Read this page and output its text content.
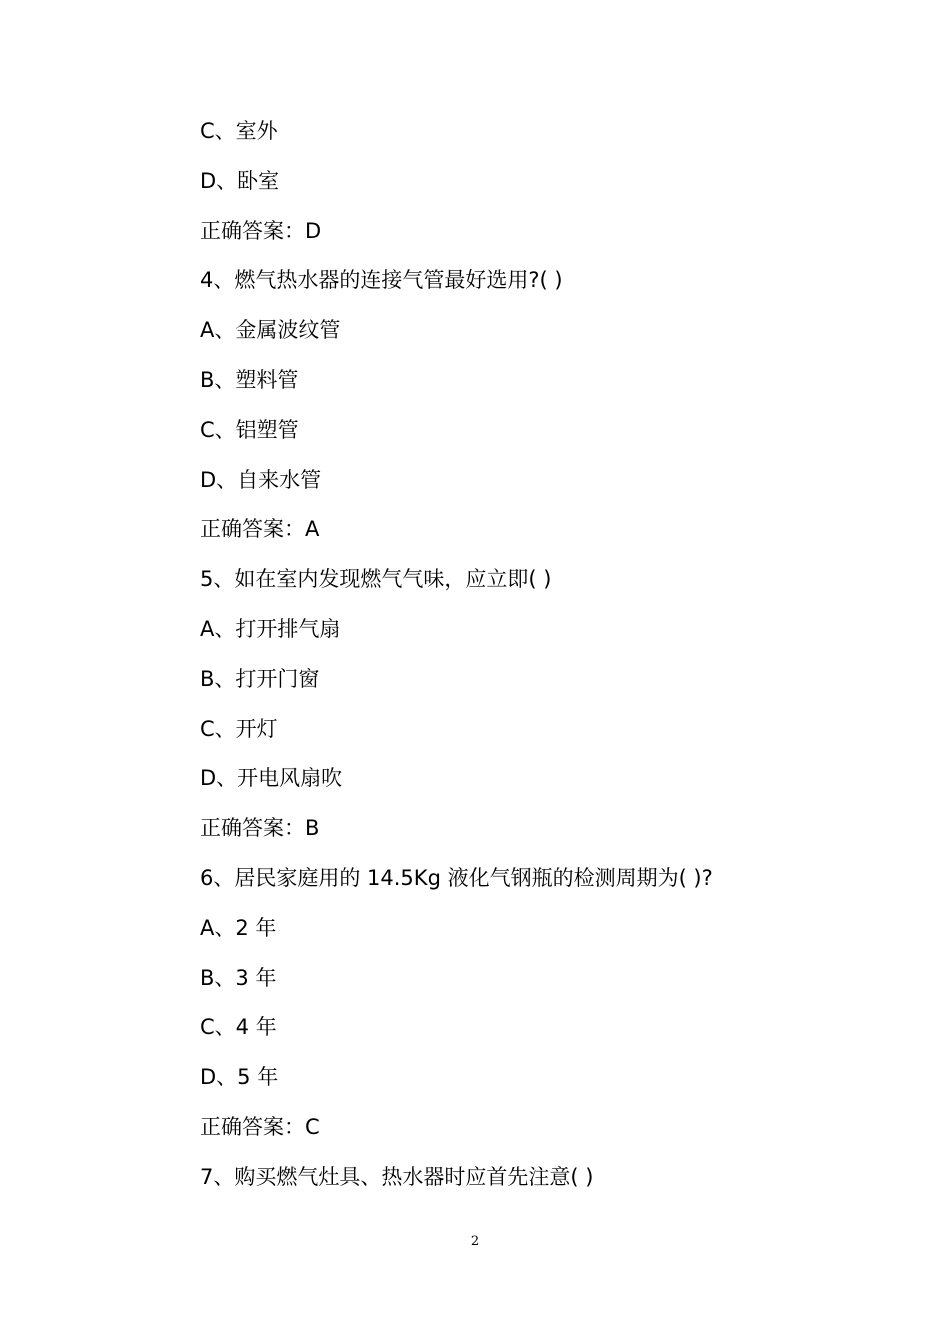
C、室外
D、卧室
正确答案：D
4、燃气热水器的连接气管最好选用?( )
A、金属波纹管
B、塑料管
C、铝塑管
D、自来水管
正确答案：A
5、如在室内发现燃气气味，应立即( )
A、打开排气扇
B、打开门窗
C、开灯
D、开电风扇吹
正确答案：B
6、居民家庭用的 14.5Kg 液化气钢瓶的检测周期为( )?
A、2 年
B、3 年
C、4 年
D、5 年
正确答案：C
7、购买燃气灶具、热水器时应首先注意( )
2
